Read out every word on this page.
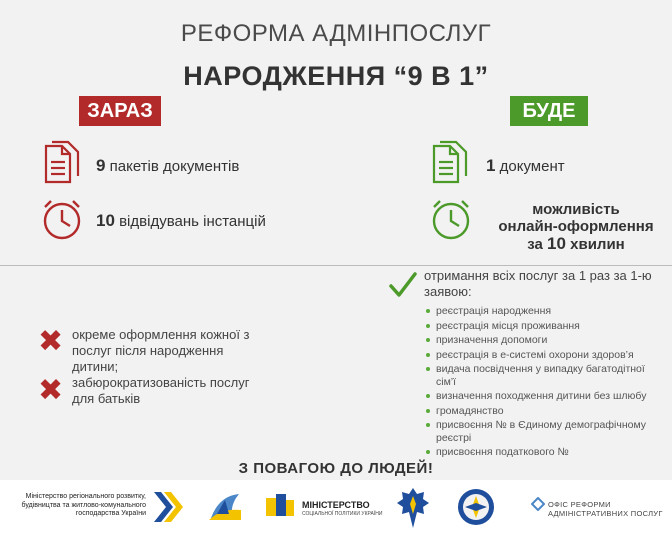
РЕФОРМА АДМІНПОСЛУГ
НАРОДЖЕННЯ “9 В 1”
ЗАРАЗ	БУДЕ
9 пакетів документів
10 відвідувань інстанцій
1 документ
можливість
онлайн-оформлення
за 10 хвилин
✖ окреме оформлення кожної з послуг після народження дитини;
✖ забюрократизованість послуг для батьків
отримання всіх послуг за 1 раз за 1-ю заявою:
реєстрація народження
реєстрація місця проживання
призначення допомоги
реєстрація в е-системі охорони здоров’я
видача посвідчення у випадку багатодітної сім’ї
визначення походження дитини без шлюбу
громадянство
присвоєння № в Єдиному демографічному реєстрі
присвоєння податкового №
З ПОВАГОЮ ДО ЛЮДЕЙ!
Міністерство регіонального розвитку, будівництва та житлово-комунального господарства України
МІНІСТЕРСТВО
СОЦІАЛЬНОЇ ПОЛІТИКИ УКРАЇНИ
ОФІС РЕФОРМИ АДМІНІСТРАТИВНИХ ПОСЛУГ
